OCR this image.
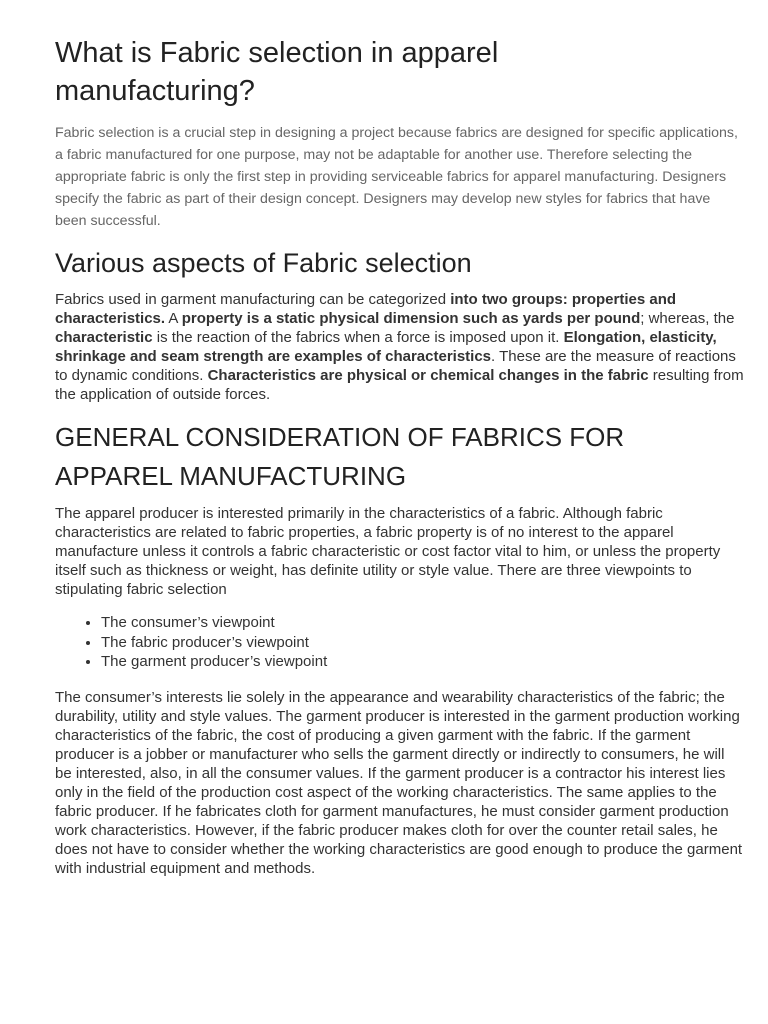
What is Fabric selection in apparel manufacturing?

Fabric selection is a crucial step in designing a project because fabrics are designed for specific applications, a fabric manufactured for one purpose, may not be adaptable for another use. Therefore selecting the appropriate fabric is only the first step in providing serviceable fabrics for apparel manufacturing. Designers specify the fabric as part of their design concept. Designers may develop new styles for fabrics that have been successful.

Various aspects of Fabric selection

Fabrics used in garment manufacturing can be categorized into two groups: properties and characteristics. A property is a static physical dimension such as yards per pound; whereas, the characteristic is the reaction of the fabrics when a force is imposed upon it. Elongation, elasticity, shrinkage and seam strength are examples of characteristics. These are the measure of reactions to dynamic conditions. Characteristics are physical or chemical changes in the fabric resulting from the application of outside forces.

GENERAL CONSIDERATION OF FABRICS FOR APPAREL MANUFACTURING

The apparel producer is interested primarily in the characteristics of a fabric. Although fabric characteristics are related to fabric properties, a fabric property is of no interest to the apparel manufacture unless it controls a fabric characteristic or cost factor vital to him, or unless the property itself such as thickness or weight, has definite utility or style value. There are three viewpoints to stipulating fabric selection

• The consumer’s viewpoint
• The fabric producer’s viewpoint
• The garment producer’s viewpoint

The consumer’s interests lie solely in the appearance and wearability characteristics of the fabric; the durability, utility and style values. The garment producer is interested in the garment production working characteristics of the fabric, the cost of producing a given garment with the fabric. If the garment producer is a jobber or manufacturer who sells the garment directly or indirectly to consumers, he will be interested, also, in all the consumer values. If the garment producer is a contractor his interest lies only in the field of the production cost aspect of the working characteristics. The same applies to the fabric producer. If he fabricates cloth for garment manufactures, he must consider garment production work characteristics. However, if the fabric producer makes cloth for over the counter retail sales, he does not have to consider whether the working characteristics are good enough to produce the garment with industrial equipment and methods.
